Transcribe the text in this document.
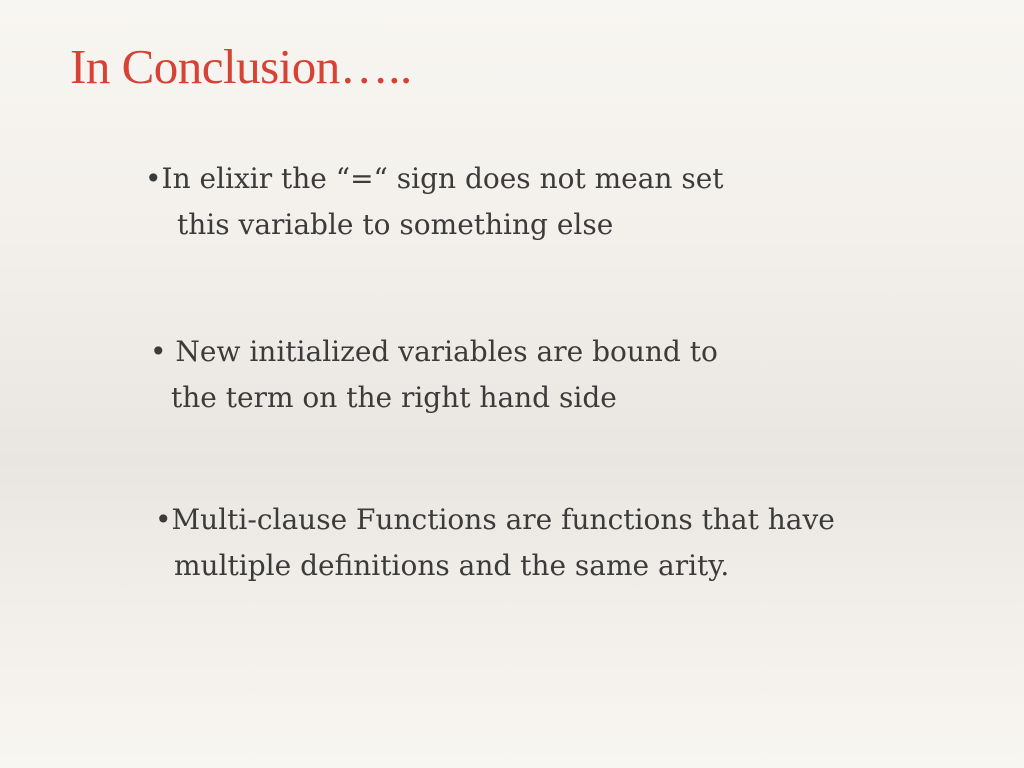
In Conclusion…..
•In elixir the “=“ sign does not mean set
this variable to something else
• New initialized variables are bound to
the term on the right hand side
•Multi-clause Functions are functions that have
multiple definitions and the same arity.
